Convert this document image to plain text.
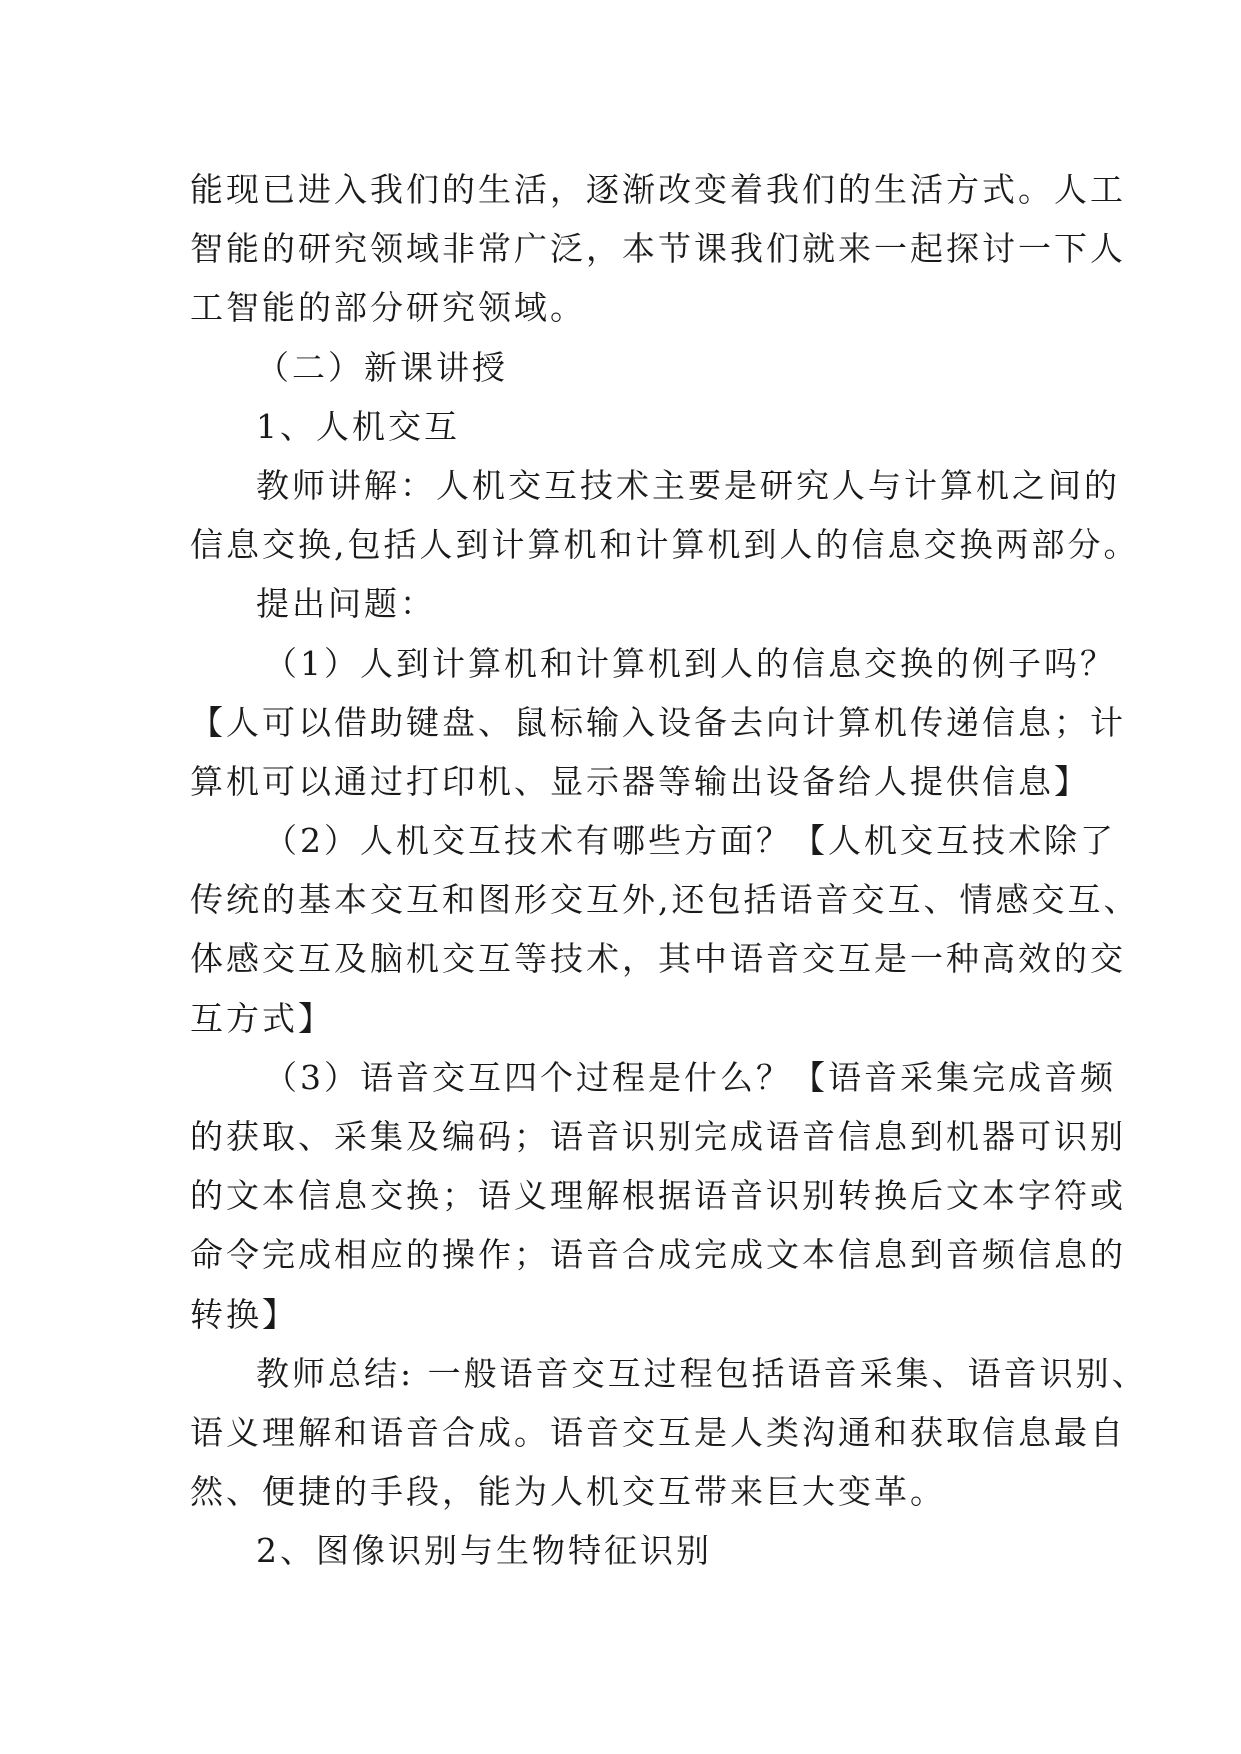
能现已进入我们的生活，逐渐改变着我们的生活方式。人工
智能的研究领域非常广泛，本节课我们就来一起探讨一下人
工智能的部分研究领域。
（二）新课讲授
1、人机交互
教师讲解：人机交互技术主要是研究人与计算机之间的
信息交换,包括人到计算机和计算机到人的信息交换两部分。
提出问题：
（1）人到计算机和计算机到人的信息交换的例子吗？
【人可以借助键盘、鼠标输入设备去向计算机传递信息；计
算机可以通过打印机、显示器等输出设备给人提供信息】
（2）人机交互技术有哪些方面？【人机交互技术除了
传统的基本交互和图形交互外,还包括语音交互、情感交互、
体感交互及脑机交互等技术，其中语音交互是一种高效的交
互方式】
（3）语音交互四个过程是什么？【语音采集完成音频
的获取、采集及编码；语音识别完成语音信息到机器可识别
的文本信息交换；语义理解根据语音识别转换后文本字符或
命令完成相应的操作；语音合成完成文本信息到音频信息的
转换】
教师总结: 一般语音交互过程包括语音采集、语音识别、
语义理解和语音合成。语音交互是人类沟通和获取信息最自
然、便捷的手段，能为人机交互带来巨大变革。
2、图像识别与生物特征识别
